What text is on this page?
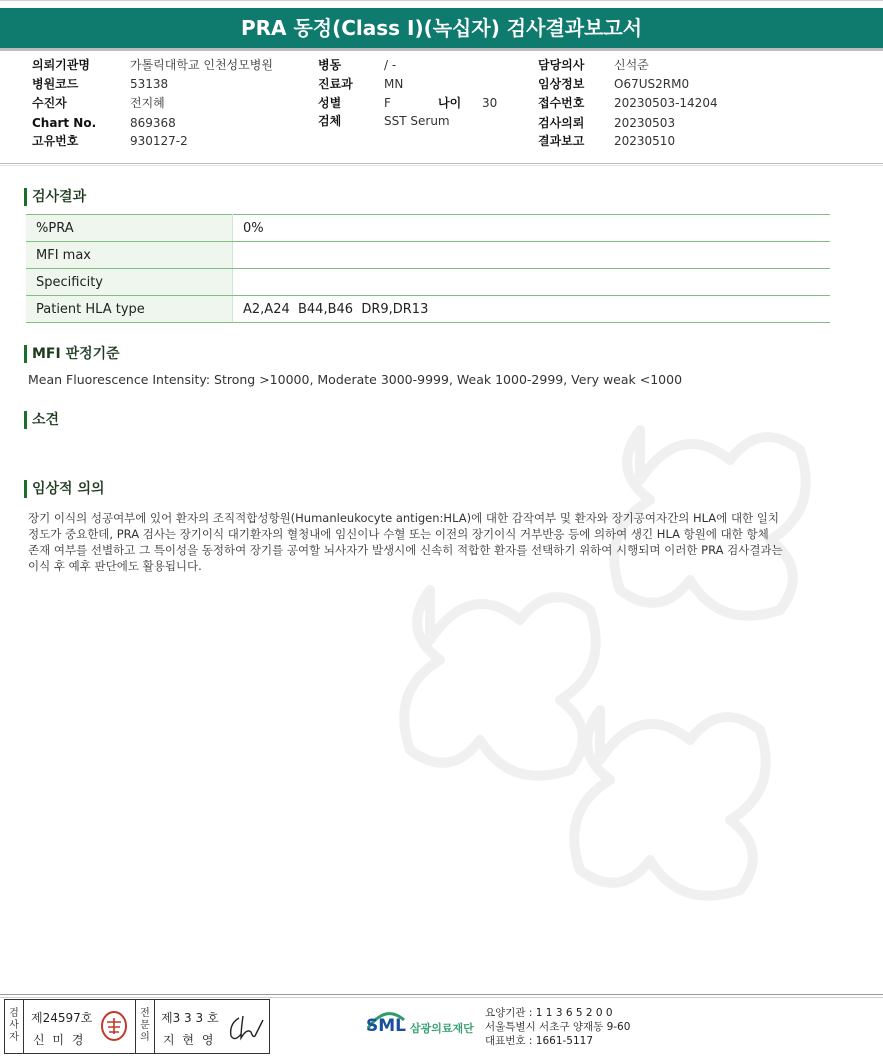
PRA 동정(Class I)(녹십자) 검사결과보고서
의뢰기관명	가톨릭대학교 인천성모병원
병원코드	53138
수진자	전지혜
Chart No.	869368
고유번호	930127-2
병동	/ -
진료과	MN
성별	F	나이 30
검체	SST Serum
담당의사 신석준
임상정보 O67US2RM0
접수번호 20230503-14204
검사의뢰 20230503
결과보고 20230510
검사결과
%PRA	0%
MFI max	
Specificity	
Patient HLA type	A2,A24  B44,B46  DR9,DR13
MFI 판정기준
Mean Fluorescence Intensity: Strong >10000, Moderate 3000-9999, Weak 1000-2999, Very weak <1000
소견
임상적 의의
장기 이식의 성공여부에 있어 환자의 조직적합성항원(Humanleukocyte antigen:HLA)에 대한 감작여부 및 환자와 장기공여자간의 HLA에 대한 일치
정도가 중요한데, PRA 검사는 장기이식 대기환자의 혈청내에 임신이나 수혈 또는 이전의 장기이식 거부반응 등에 의하여 생긴 HLA 항원에 대한 항체
존재 여부를 선별하고 그 특이성을 동정하여 장기를 공여할 뇌사자가 발생시에 신속히 적합한 환자를 선택하기 위하여 시행되며 이러한 PRA 검사결과는
이식 후 예후 판단에도 활용됩니다.
검
사
자
제24597호
신 미 경
전
문
의
제3 3 3 호
지 현 영
SML 삼광의료재단
요양기관 : 1 1 3 6 5 2 0 0
서울특별시 서초구 양재동 9-60
대표번호 : 1661-5117
